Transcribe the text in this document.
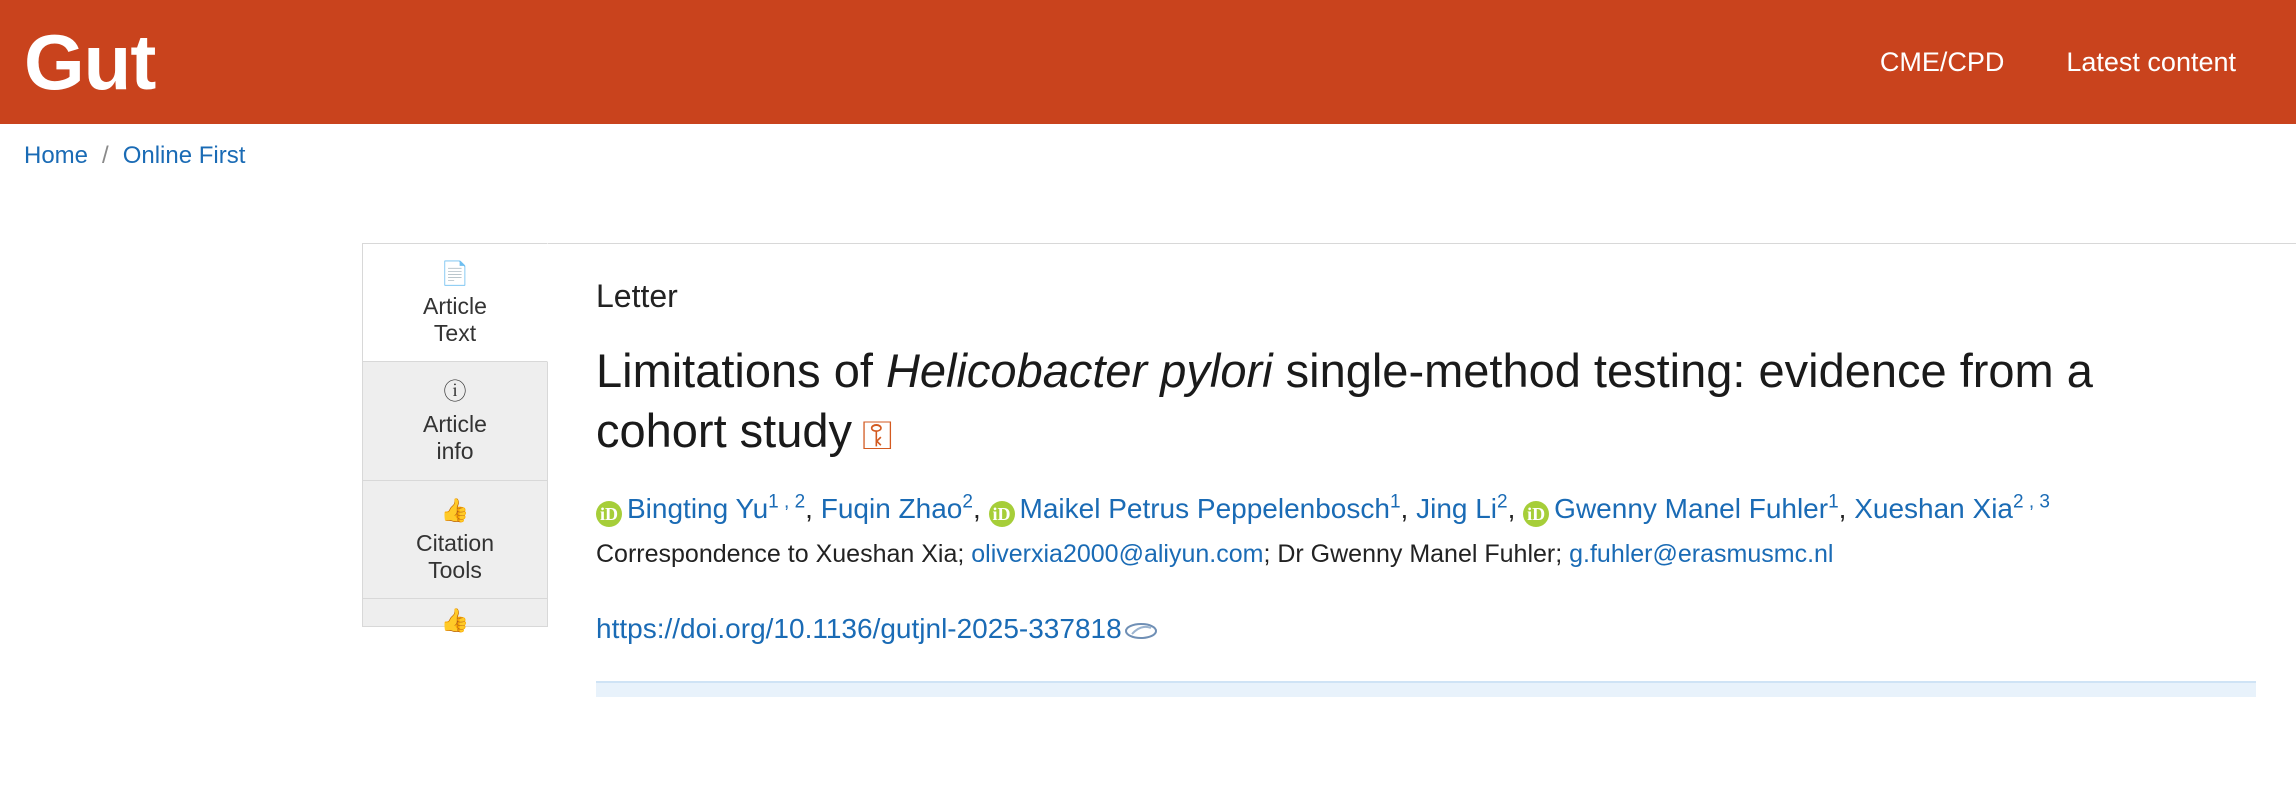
Gut	CME/CPD Latest content
Home / Online First
📄
Article
Text
ⓘ
Article
info
👍
Citation
Tools
👍
Letter
Limitations of Helicobacter pylori single-method testing: evidence from a cohort study ⚿
iD Bingting Yu$^{1 , 2}$, Fuqin Zhao$^2$, iD Maikel Petrus Peppelenbosch$^1$, Jing Li$^2$, iD Gwenny Manel Fuhler$^1$, Xueshan Xia$^{2 , 3}$
Correspondence to Xueshan Xia; oliverxia2000@aliyun.com; Dr Gwenny Manel Fuhler; g.fuhler@erasmusmc.nl
https://doi.org/10.1136/gutjnl-2025-337818
